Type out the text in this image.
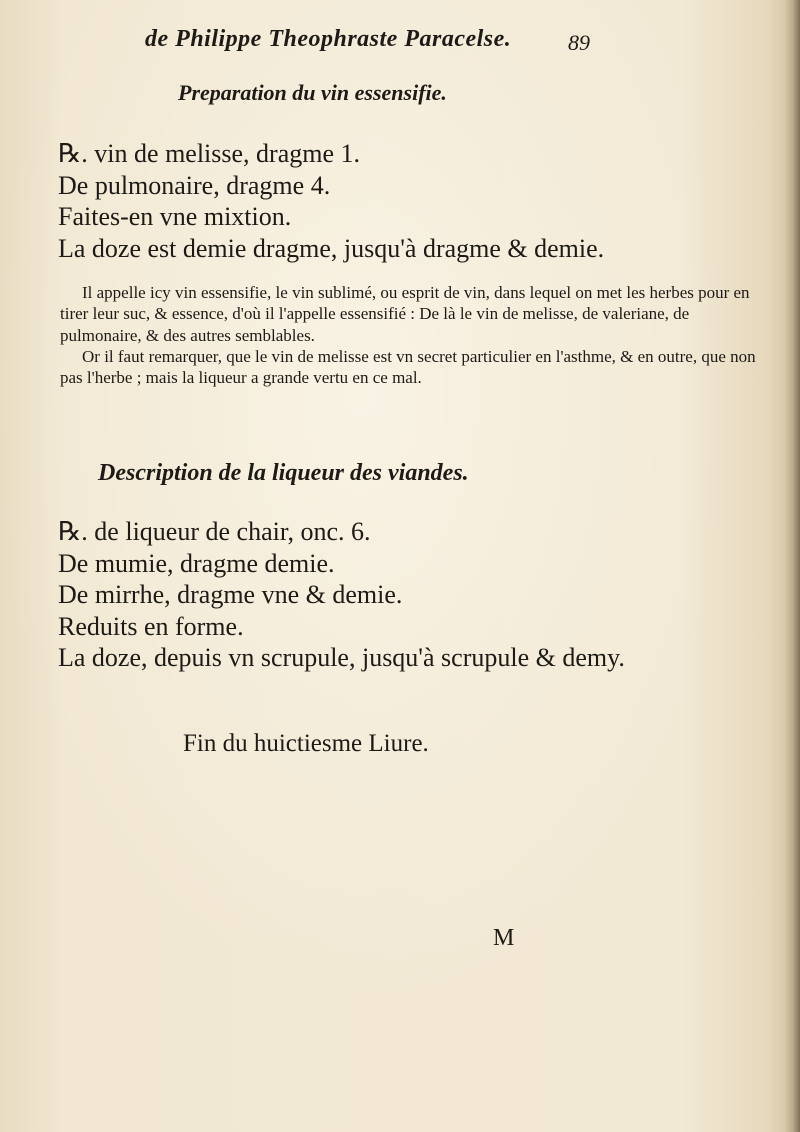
de Philippe Theophraste Paracelse.	89
Preparation du vin essensifie.
℞. vin de melisse, dragme 1.
De pulmonaire, dragme 4.
Faites-en vne mixtion.
La doze est demie dragme, jusqu'à dragme & demie.

Il appelle icy vin essensifie, le vin sublimé, ou esprit de vin, dans lequel on met les herbes pour en tirer leur suc, & essence, d'où il l'appelle essensifié : De là le vin de melisse, de valeriane, de pulmonaire, & des autres semblables.

Or il faut remarquer, que le vin de melisse est vn secret particulier en l'asthme, & en outre, que non pas l'herbe ; mais la liqueur a grande vertu en ce mal.

Description de la liqueur des viandes.
℞. de liqueur de chair, onc. 6.
De mumie, dragme demie.
De mirrhe, dragme vne & demie.
Reduits en forme.
La doze, depuis vn scrupule, jusqu'à scrupule & demy.
Fin du huictiesme Liure.
M
